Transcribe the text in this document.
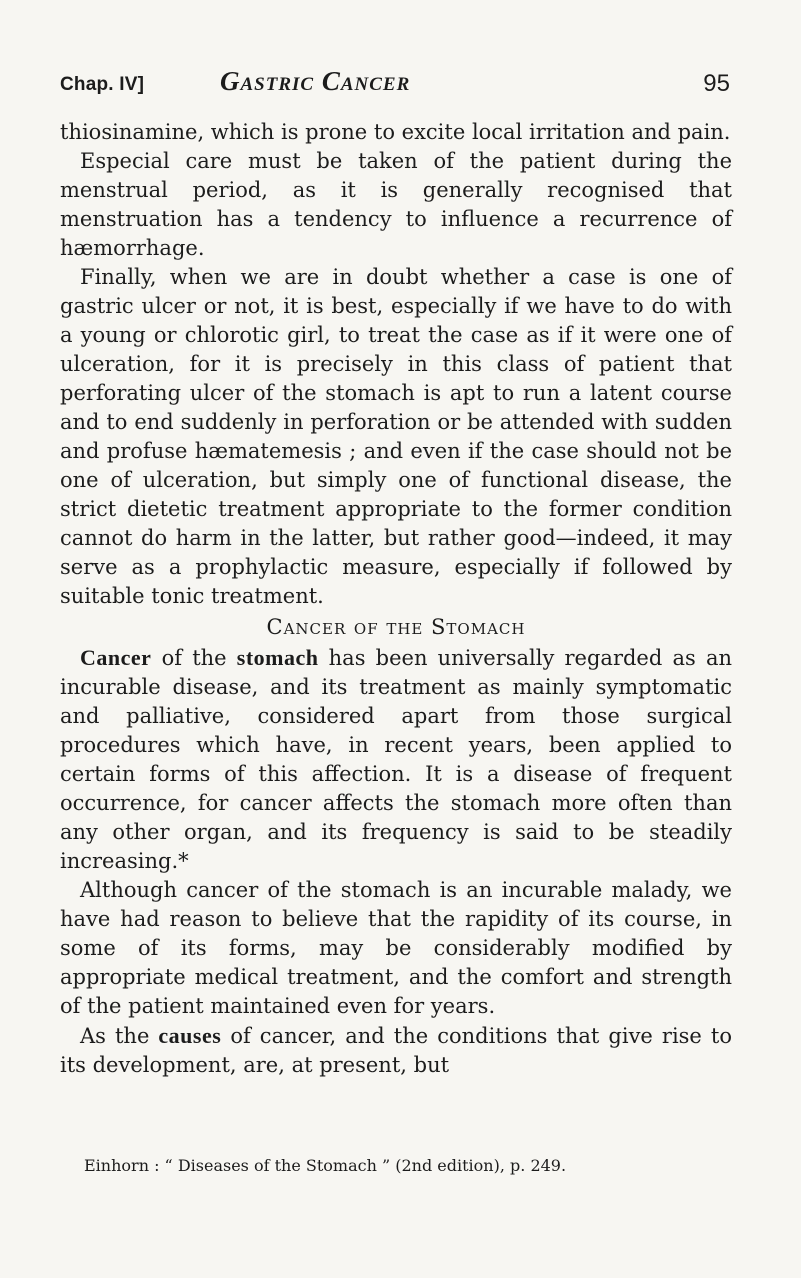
Chap. IV]	Gastric Cancer	95

thiosinamine, which is prone to excite local irritation and pain.

Especial care must be taken of the patient during the menstrual period, as it is generally recognised that menstruation has a tendency to influence a recurrence of hæmorrhage.

Finally, when we are in doubt whether a case is one of gastric ulcer or not, it is best, especially if we have to do with a young or chlorotic girl, to treat the case as if it were one of ulceration, for it is precisely in this class of patient that perforating ulcer of the stomach is apt to run a latent course and to end suddenly in perforation or be attended with sudden and profuse hæmatemesis ; and even if the case should not be one of ulceration, but simply one of functional disease, the strict dietetic treatment appropriate to the former condition cannot do harm in the latter, but rather good—indeed, it may serve as a prophylactic measure, especially if followed by suitable tonic treatment.

Cancer of the Stomach

Cancer of the stomach has been universally regarded as an incurable disease, and its treatment as mainly symptomatic and palliative, considered apart from those surgical procedures which have, in recent years, been applied to certain forms of this affection. It is a disease of frequent occurrence, for cancer affects the stomach more often than any other organ, and its frequency is said to be steadily increasing.*

Although cancer of the stomach is an incurable malady, we have had reason to believe that the rapidity of its course, in some of its forms, may be considerably modified by appropriate medical treatment, and the comfort and strength of the patient maintained even for years.

As the causes of cancer, and the conditions that give rise to its development, are, at present, but

Einhorn : “ Diseases of the Stomach ” (2nd edition), p. 249.
